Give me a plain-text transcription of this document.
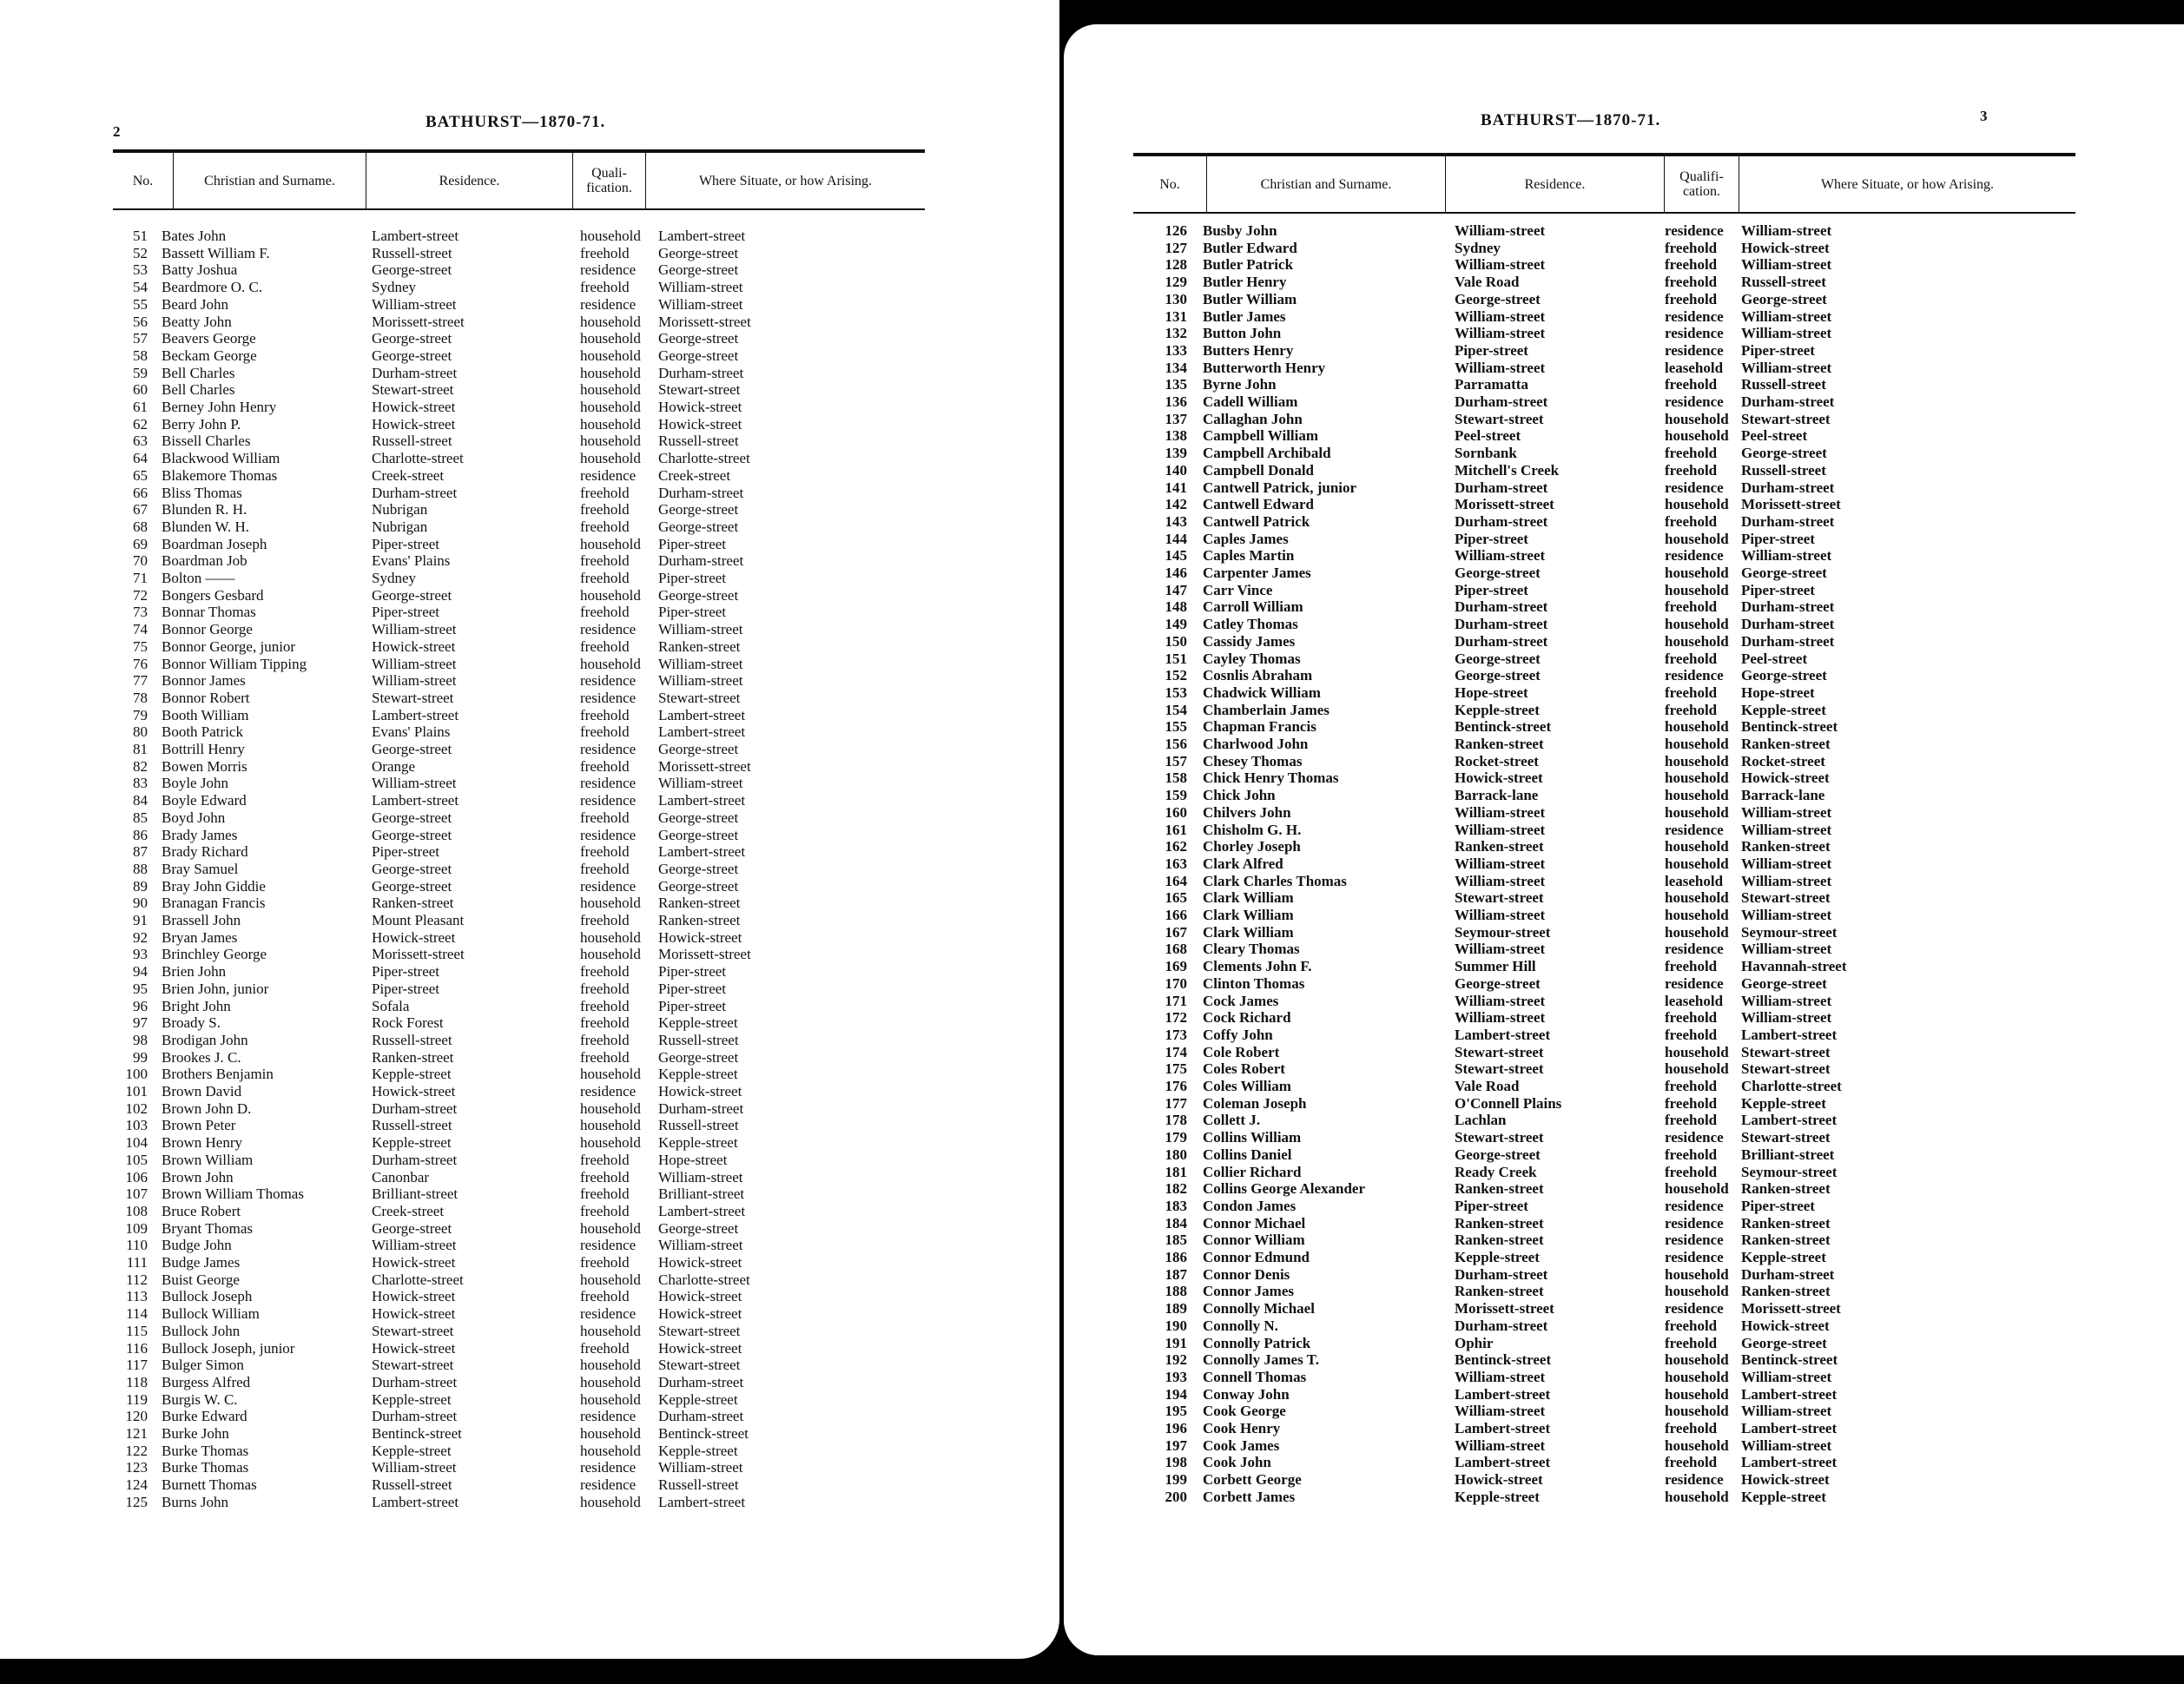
2
BATHURST—1870-71.
No.	Christian and Surname.	Residence.	Quali-fication.	Where Situate, or how Arising.
51 Bates John	Lambert-street	household Lambert-street
52 Bassett William F.	Russell-street	freehold George-street
53 Batty Joshua	George-street	residence George-street
54 Beardmore O. C.	Sydney	freehold William-street
55 Beard John	William-street	residence William-street
56 Beatty John	Morissett-street	household Morissett-street
57 Beavers George	George-street	household George-street
58 Beckam George	George-street	household George-street
59 Bell Charles	Durham-street	household Durham-street
60 Bell Charles	Stewart-street	household Stewart-street
61 Berney John Henry	Howick-street	household Howick-street
62 Berry John P.	Howick-street	household Howick-street
63 Bissell Charles	Russell-street	household Russell-street
64 Blackwood William	Charlotte-street	household Charlotte-street
65 Blakemore Thomas	Creek-street	residence Creek-street
66 Bliss Thomas	Durham-street	freehold Durham-street
67 Blunden R. H.	Nubrigan	freehold George-street
68 Blunden W. H.	Nubrigan	freehold George-street
69 Boardman Joseph	Piper-street	household Piper-street
70 Boardman Job	Evans' Plains	freehold Durham-street
71 Bolton ——	Sydney	freehold Piper-street
72 Bongers Gesbard	George-street	household George-street
73 Bonnar Thomas	Piper-street	freehold Piper-street
74 Bonnor George	William-street	residence William-street
75 Bonnor George, junior	Howick-street	freehold Ranken-street
76 Bonnor William Tipping	William-street	household William-street
77 Bonnor James	William-street	residence William-street
78 Bonnor Robert	Stewart-street	residence Stewart-street
79 Booth William	Lambert-street	freehold Lambert-street
80 Booth Patrick	Evans' Plains	freehold Lambert-street
81 Bottrill Henry	George-street	residence George-street
82 Bowen Morris	Orange	freehold Morissett-street
83 Boyle John	William-street	residence William-street
84 Boyle Edward	Lambert-street	residence Lambert-street
85 Boyd John	George-street	freehold George-street
86 Brady James	George-street	residence George-street
87 Brady Richard	Piper-street	freehold Lambert-street
88 Bray Samuel	George-street	freehold George-street
89 Bray John Giddie	George-street	residence George-street
90 Branagan Francis	Ranken-street	household Ranken-street
91 Brassell John	Mount Pleasant	freehold Ranken-street
92 Bryan James	Howick-street	household Howick-street
93 Brinchley George	Morissett-street	household Morissett-street
94 Brien John	Piper-street	freehold Piper-street
95 Brien John, junior	Piper-street	freehold Piper-street
96 Bright John	Sofala	freehold Piper-street
97 Broady S.	Rock Forest	freehold Kepple-street
98 Brodigan John	Russell-street	freehold Russell-street
99 Brookes J. C.	Ranken-street	freehold George-street
100 Brothers Benjamin	Kepple-street	household Kepple-street
101 Brown David	Howick-street	residence Howick-street
102 Brown John D.	Durham-street	household Durham-street
103 Brown Peter	Russell-street	household Russell-street
104 Brown Henry	Kepple-street	household Kepple-street
105 Brown William	Durham-street	freehold Hope-street
106 Brown John	Canonbar	freehold William-street
107 Brown William Thomas	Brilliant-street	freehold Brilliant-street
108 Bruce Robert	Creek-street	freehold Lambert-street
109 Bryant Thomas	George-street	household George-street
110 Budge John	William-street	residence William-street
111 Budge James	Howick-street	freehold Howick-street
112 Buist George	Charlotte-street	household Charlotte-street
113 Bullock Joseph	Howick-street	freehold Howick-street
114 Bullock William	Howick-street	residence Howick-street
115 Bullock John	Stewart-street	household Stewart-street
116 Bullock Joseph, junior	Howick-street	freehold Howick-street
117 Bulger Simon	Stewart-street	household Stewart-street
118 Burgess Alfred	Durham-street	household Durham-street
119 Burgis W. C.	Kepple-street	household Kepple-street
120 Burke Edward	Durham-street	residence Durham-street
121 Burke John	Bentinck-street	household Bentinck-street
122 Burke Thomas	Kepple-street	household Kepple-street
123 Burke Thomas	William-street	residence William-street
124 Burnett Thomas	Russell-street	residence Russell-street
125 Burns John	Lambert-street	household Lambert-street
3
BATHURST—1870-71.
No.	Christian and Surname.	Residence.	Qualifi-cation.	Where Situate, or how Arising.
126 Busby John	William-street	residence William-street
127 Butler Edward	Sydney	freehold Howick-street
128 Butler Patrick	William-street	freehold William-street
129 Butler Henry	Vale Road	freehold Russell-street
130 Butler William	George-street	freehold George-street
131 Butler James	William-street	residence William-street
132 Button John	William-street	residence William-street
133 Butters Henry	Piper-street	residence Piper-street
134 Butterworth Henry	William-street	leasehold William-street
135 Byrne John	Parramatta	freehold Russell-street
136 Cadell William	Durham-street	residence Durham-street
137 Callaghan John	Stewart-street	household Stewart-street
138 Campbell William	Peel-street	household Peel-street
139 Campbell Archibald	Sornbank	freehold George-street
140 Campbell Donald	Mitchell's Creek	freehold Russell-street
141 Cantwell Patrick, junior	Durham-street	residence Durham-street
142 Cantwell Edward	Morissett-street	household Morissett-street
143 Cantwell Patrick	Durham-street	freehold Durham-street
144 Caples James	Piper-street	household Piper-street
145 Caples Martin	William-street	residence William-street
146 Carpenter James	George-street	household George-street
147 Carr Vince	Piper-street	household Piper-street
148 Carroll William	Durham-street	freehold Durham-street
149 Catley Thomas	Durham-street	household Durham-street
150 Cassidy James	Durham-street	household Durham-street
151 Cayley Thomas	George-street	freehold Peel-street
152 Cosnlis Abraham	George-street	residence George-street
153 Chadwick William	Hope-street	freehold Hope-street
154 Chamberlain James	Kepple-street	freehold Kepple-street
155 Chapman Francis	Bentinck-street	household Bentinck-street
156 Charlwood John	Ranken-street	household Ranken-street
157 Chesey Thomas	Rocket-street	household Rocket-street
158 Chick Henry Thomas	Howick-street	household Howick-street
159 Chick John	Barrack-lane	household Barrack-lane
160 Chilvers John	William-street	household William-street
161 Chisholm G. H.	William-street	residence William-street
162 Chorley Joseph	Ranken-street	household Ranken-street
163 Clark Alfred	William-street	household William-street
164 Clark Charles Thomas	William-street	leasehold William-street
165 Clark William	Stewart-street	household Stewart-street
166 Clark William	William-street	household William-street
167 Clark William	Seymour-street	household Seymour-street
168 Cleary Thomas	William-street	residence William-street
169 Clements John F.	Summer Hill	freehold Havannah-street
170 Clinton Thomas	George-street	residence George-street
171 Cock James	William-street	leasehold William-street
172 Cock Richard	William-street	freehold William-street
173 Coffy John	Lambert-street	freehold Lambert-street
174 Cole Robert	Stewart-street	household Stewart-street
175 Coles Robert	Stewart-street	household Stewart-street
176 Coles William	Vale Road	freehold Charlotte-street
177 Coleman Joseph	O'Connell Plains	freehold Kepple-street
178 Collett J.	Lachlan	freehold Lambert-street
179 Collins William	Stewart-street	residence Stewart-street
180 Collins Daniel	George-street	freehold Brilliant-street
181 Collier Richard	Ready Creek	freehold Seymour-street
182 Collins George Alexander	Ranken-street	household Ranken-street
183 Condon James	Piper-street	residence Piper-street
184 Connor Michael	Ranken-street	residence Ranken-street
185 Connor William	Ranken-street	residence Ranken-street
186 Connor Edmund	Kepple-street	residence Kepple-street
187 Connor Denis	Durham-street	household Durham-street
188 Connor James	Ranken-street	household Ranken-street
189 Connolly Michael	Morissett-street	residence Morissett-street
190 Connolly N.	Durham-street	freehold Howick-street
191 Connolly Patrick	Ophir	freehold George-street
192 Connolly James T.	Bentinck-street	household Bentinck-street
193 Connell Thomas	William-street	household William-street
194 Conway John	Lambert-street	household Lambert-street
195 Cook George	William-street	household William-street
196 Cook Henry	Lambert-street	freehold Lambert-street
197 Cook James	William-street	household William-street
198 Cook John	Lambert-street	freehold Lambert-street
199 Corbett George	Howick-street	residence Howick-street
200 Corbett James	Kepple-street	household Kepple-street
